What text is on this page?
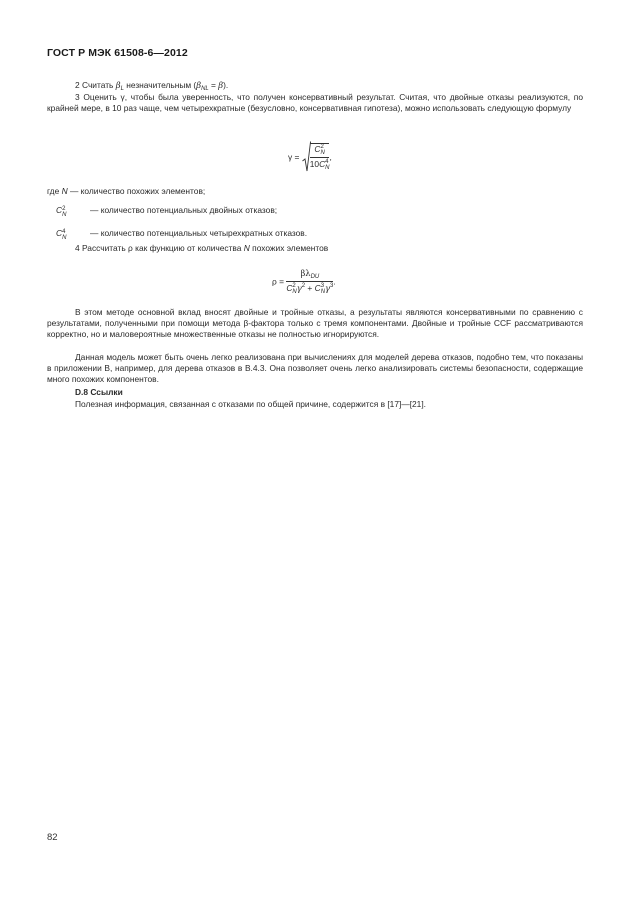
ГОСТ Р МЭК 61508-6—2012
2 Считать $\beta_L$ незначительным $(\beta_{NL} = \beta)$.
3 Оценить γ, чтобы была уверенность, что получен консервативный результат. Считая, что двойные отказы реализуются, по крайней мере, в 10 раз чаще, чем четырехкратные (безусловно, консервативная гипотеза), можно использовать следующую формулу
γ = C 2
N
10C 4
N ,
где N — количество похожих элементов;
C 2
N	— количество потенциальных двойных отказов;
C 4
N	— количество потенциальных четырехкратных отказов.
4 Рассчитать ρ как функцию от количества N похожих элементов
$\rho = \beta\lambda_{DU}$
C 2
N $\gamma^2 + C$ 3
N $\gamma^3$ .
В этом методе основной вклад вносят двойные и тройные отказы, а результаты являются консервативными по сравнению с результатами, полученными при помощи метода β-фактора только с тремя компонентами. Двойные и тройные CCF рассматриваются корректно, но и маловероятные множественные отказы не полностью игнорируются.
Данная модель может быть очень легко реализована при вычислениях для моделей дерева отказов, подобно тем, что показаны в приложении B, например, для дерева отказов в B.4.3. Она позволяет очень легко анализировать системы безопасности, содержащие много похожих компонентов.
D.8 Ссылки
Полезная информация, связанная с отказами по общей причине, содержится в [17]—[21].
82
